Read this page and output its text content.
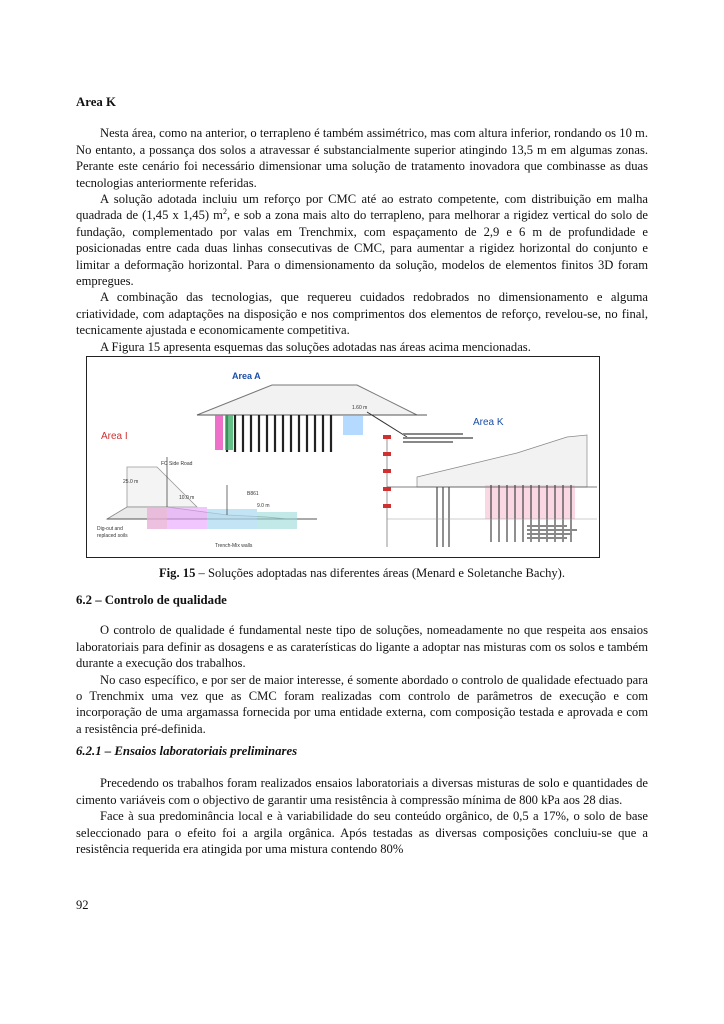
Area K

Nesta área, como na anterior, o terrapleno é também assimétrico, mas com altura inferior, rondando os 10 m. No entanto, a possança dos solos a atravessar é substancialmente superior atingindo 13,5 m em algumas zonas. Perante este cenário foi necessário dimensionar uma solução de tratamento inovadora que combinasse as duas tecnologias anteriormente referidas.

A solução adotada incluiu um reforço por CMC até ao estrato competente, com distribuição em malha quadrada de (1,45 x 1,45) $m^2$, e sob a zona mais alto do terrapleno, para melhorar a rigidez vertical do solo de fundação, complementado por valas em Trenchmix, com espaçamento de 2,9 e 6 m de profundidade e posicionadas entre cada duas linhas consecutivas de CMC, para aumentar a rigidez horizontal do conjunto e limitar a deformação horizontal. Para o dimensionamento da solução, modelos de elementos finitos 3D foram empregues.

A combinação das tecnologias, que requereu cuidados redobrados no dimensionamento e alguma criatividade, com adaptações na disposição e nos comprimentos dos elementos de reforço, revelou-se, no final, tecnicamente ajustada e economicamente competitiva.

A Figura 15 apresenta esquemas das soluções adotadas nas áreas acima mencionadas.

Area A
1.60 m
Area I
FC Side Road
25.0 m
10.0 m
B861
9.0 m
Dig-out and
replaced soils
Trench-Mix walls
Area K
Fig. 15 – Soluções adoptadas nas diferentes áreas (Menard e Soletanche Bachy).

6.2 – Controlo de qualidade

O controlo de qualidade é fundamental neste tipo de soluções, nomeadamente no que respeita aos ensaios laboratoriais para definir as dosagens e as caraterísticas do ligante a adoptar nas misturas com os solos e também durante a execução dos trabalhos.

No caso específico, e por ser de maior interesse, é somente abordado o controlo de qualidade efectuado para o Trenchmix uma vez que as CMC foram realizadas com controlo de parâmetros de execução e com incorporação de uma argamassa fornecida por uma entidade externa, com composição testada e aprovada e com a resistência pré-definida.

6.2.1 – Ensaios laboratoriais preliminares

Precedendo os trabalhos foram realizados ensaios laboratoriais a diversas misturas de solo e quantidades de cimento variáveis com o objectivo de garantir uma resistência à compressão mínima de 800 kPa aos 28 dias.

Face à sua predominância local e à variabilidade do seu conteúdo orgânico, de 0,5 a 17%, o solo de base seleccionado para o efeito foi a argila orgânica. Após testadas as diversas composições concluiu-se que a resistência requerida era atingida por uma mistura contendo 80%

92
